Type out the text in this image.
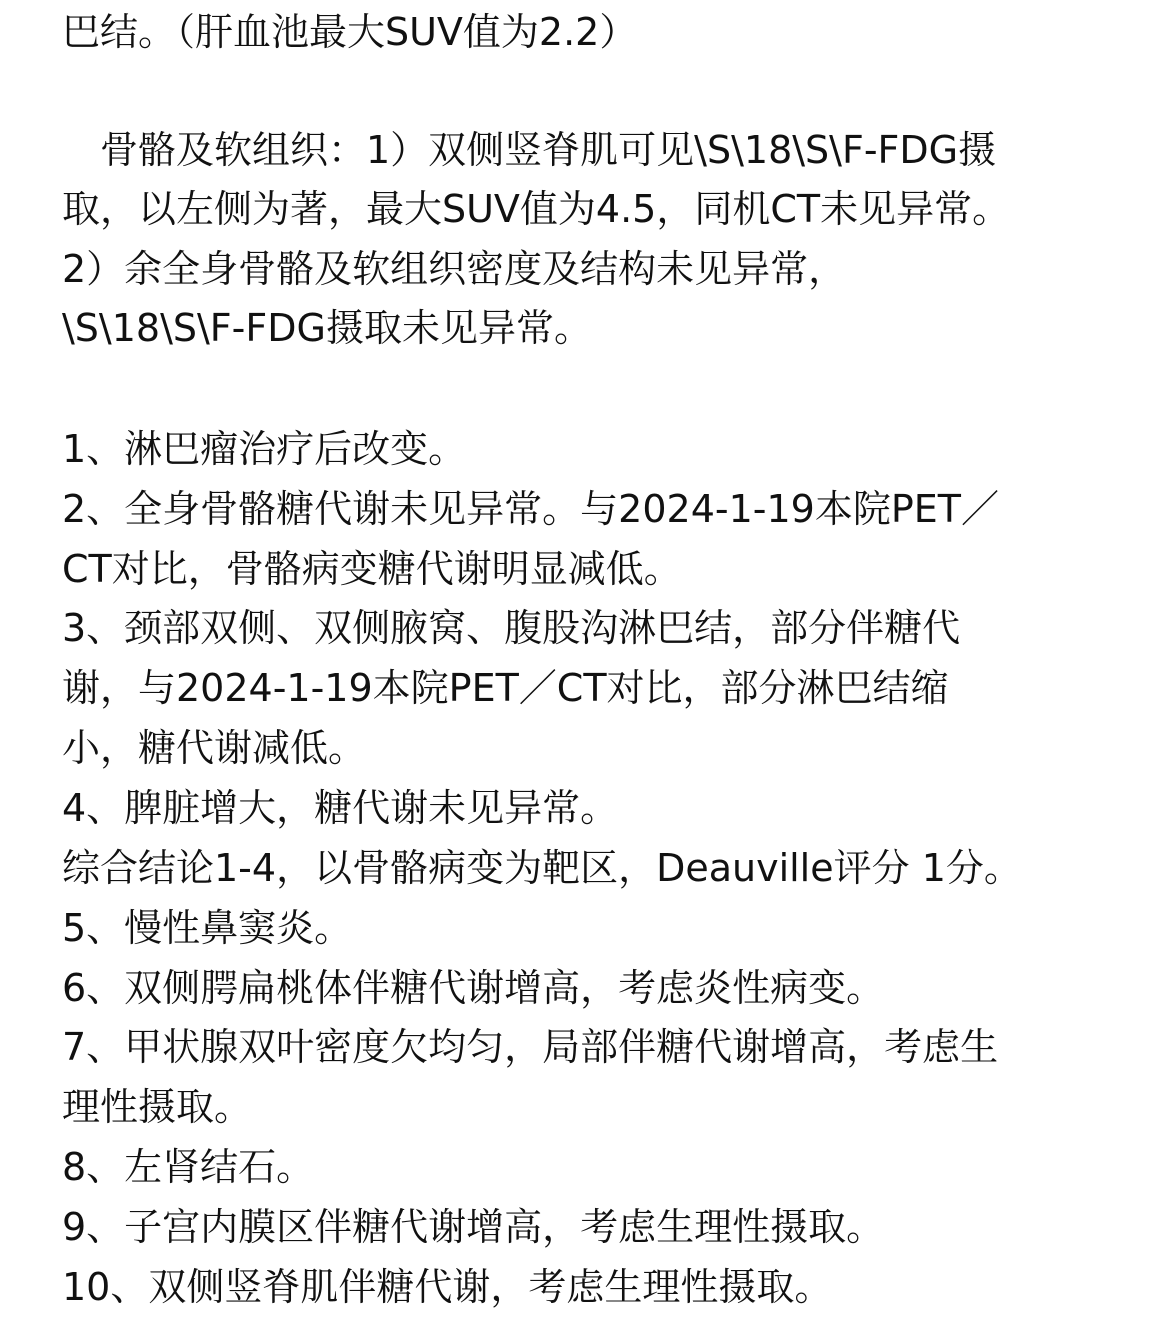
巴结。（肝血池最大SUV值为2.2）
　骨骼及软组织：1）双侧竖脊肌可见\S\18\S\F-FDG摄
取，以左侧为著，最大SUV值为4.5，同机CT未见异常。
2）余全身骨骼及软组织密度及结构未见异常，
\S\18\S\F-FDG摄取未见异常。
1、淋巴瘤治疗后改变。
2、全身骨骼糖代谢未见异常。与2024-1-19本院PET／
CT对比，骨骼病变糖代谢明显减低。
3、颈部双侧、双侧腋窝、腹股沟淋巴结，部分伴糖代
谢，与2024-1-19本院PET／CT对比，部分淋巴结缩
小，糖代谢减低。
4、脾脏增大，糖代谢未见异常。
综合结论1-4，以骨骼病变为靶区，Deauville评分 1分。
5、慢性鼻窦炎。
6、双侧腭扁桃体伴糖代谢增高，考虑炎性病变。
7、甲状腺双叶密度欠均匀，局部伴糖代谢增高，考虑生
理性摄取。
8、左肾结石。
9、子宫内膜区伴糖代谢增高，考虑生理性摄取。
10、双侧竖脊肌伴糖代谢，考虑生理性摄取。
